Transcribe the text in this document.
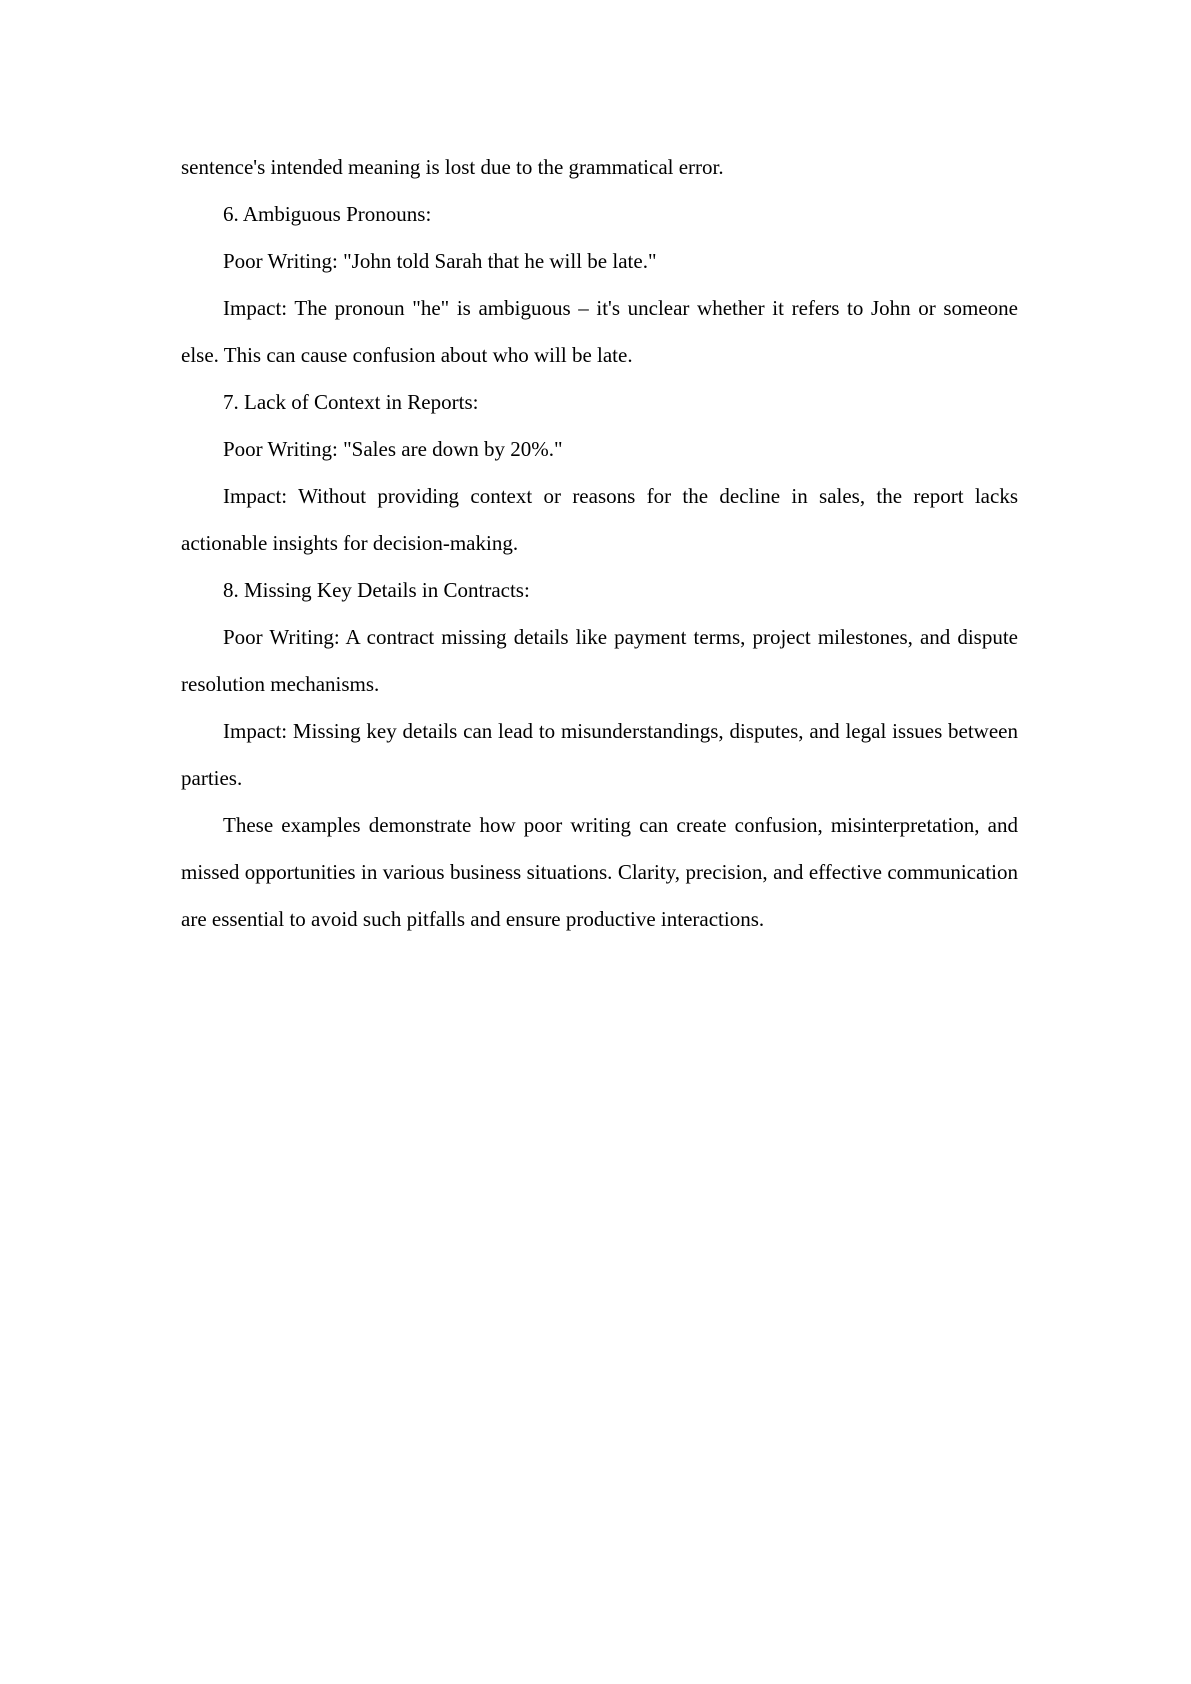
sentence's intended meaning is lost due to the grammatical error.

6. Ambiguous Pronouns:

Poor Writing: "John told Sarah that he will be late."

Impact: The pronoun "he" is ambiguous – it's unclear whether it refers to John or someone else. This can cause confusion about who will be late.

7. Lack of Context in Reports:

Poor Writing: "Sales are down by 20%."

Impact: Without providing context or reasons for the decline in sales, the report lacks actionable insights for decision-making.

8. Missing Key Details in Contracts:

Poor Writing: A contract missing details like payment terms, project milestones, and dispute resolution mechanisms.

Impact: Missing key details can lead to misunderstandings, disputes, and legal issues between parties.

These examples demonstrate how poor writing can create confusion, misinterpretation, and missed opportunities in various business situations. Clarity, precision, and effective communication are essential to avoid such pitfalls and ensure productive interactions.
